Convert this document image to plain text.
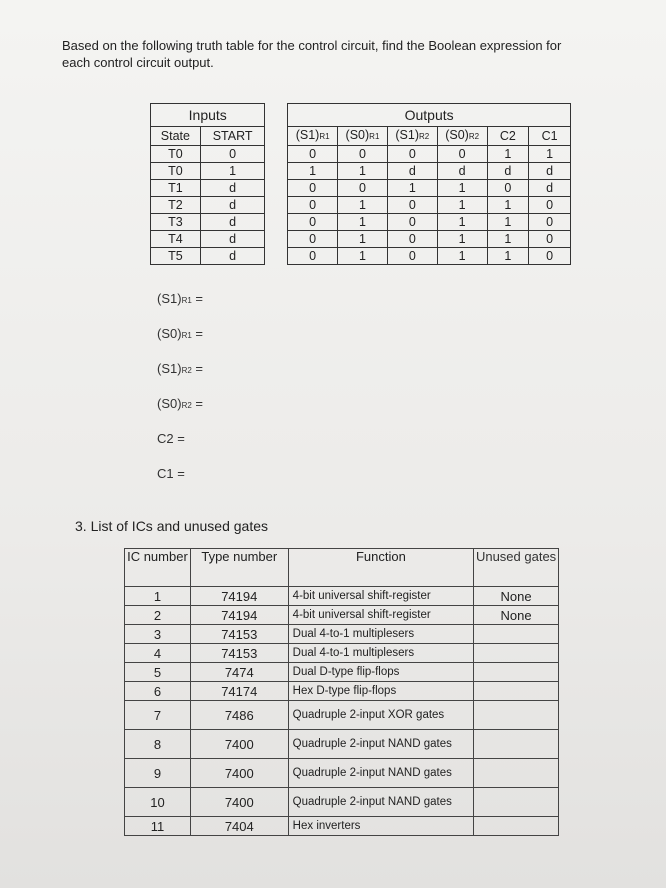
Based on the following truth table for the control circuit, find the Boolean expression for each control circuit output.
Inputs			Outputs					
State	START		(S1)R1	(S0)R1	(S1)R2	(S0)R2	C2	C1
T0	0		0	0	0	0	1	1
T0	1		1	1	d	d	d	d
T1	d		0	0	1	1	0	d
T2	d		0	1	0	1	1	0
T3	d		0	1	0	1	1	0
T4	d		0	1	0	1	1	0
T5	d		0	1	0	1	1	0
(S1)R1 =
(S0)R1 =
(S1)R2 =
(S0)R2 =
C2 =
C1 =
3. List of ICs and unused gates
IC number	Type number	Function	Unused gates
1	74194	4-bit universal shift-register	None
2	74194	4-bit universal shift-register	None
3	74153	Dual 4-to-1 multiplesers	
4	74153	Dual 4-to-1 multiplesers	
5	7474	Dual D-type flip-flops	
6	74174	Hex D-type flip-flops	
7	7486	Quadruple 2-input XOR gates	
8	7400	Quadruple 2-input NAND gates	
9	7400	Quadruple 2-input NAND gates	
10	7400	Quadruple 2-input NAND gates	
11	7404	Hex inverters	
